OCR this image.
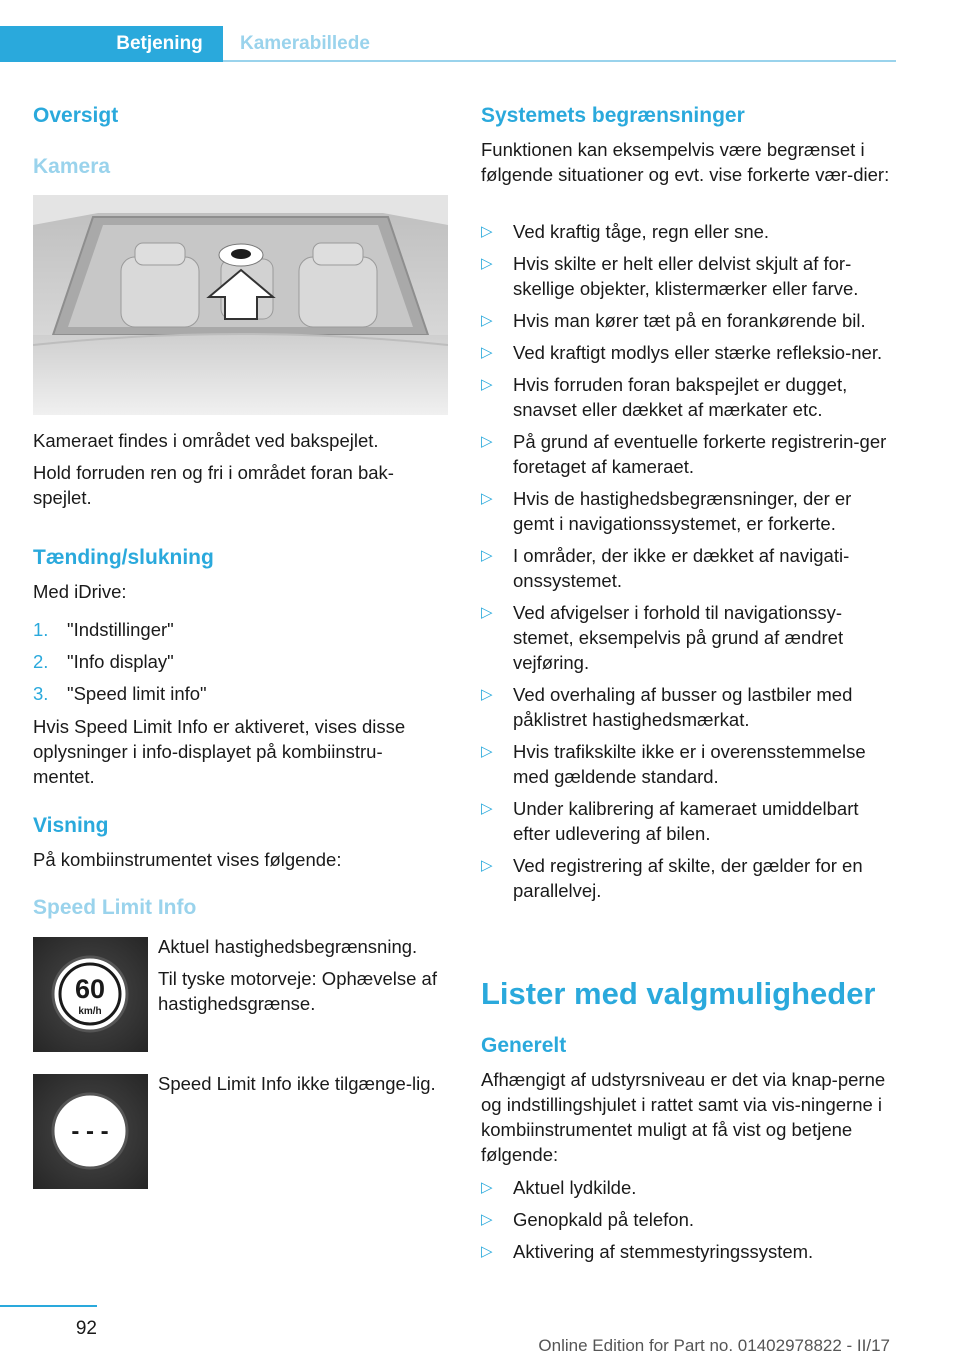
Betjening	Kamerabillede
Oversigt
Kamera

Kameraet findes i området ved bakspejlet.

Hold forruden ren og fri i området foran bak‐spejlet.

Tænding/slukning

Med iDrive:

1. "Indstillinger"
2. "Info display"
3. "Speed limit info"

Hvis Speed Limit Info er aktiveret, vises disse oplysninger i info-displayet på kombiinstru‐mentet.

Visning

På kombiinstrumentet vises følgende:

Speed Limit Info
60
km/h

Aktuel hastighedsbegrænsning.

Til tyske motorveje: Ophævelse af hastighedsgrænse.

- - -

Speed Limit Info ikke tilgænge‐lig.

Systemets begrænsninger

Funktionen kan eksempelvis være begrænset i følgende situationer og evt. vise forkerte vær‐dier:

▷ Ved kraftig tåge, regn eller sne.
▷ Hvis skilte er helt eller delvist skjult af for‐skellige objekter, klistermærker eller farve.
▷ Hvis man kører tæt på en forankørende bil.
▷ Ved kraftigt modlys eller stærke refleksio‐ner.
▷ Hvis forruden foran bakspejlet er dugget, snavset eller dækket af mærkater etc.
▷ På grund af eventuelle forkerte registrerin‐ger foretaget af kameraet.
▷ Hvis de hastighedsbegrænsninger, der er gemt i navigationssystemet, er forkerte.
▷ I områder, der ikke er dækket af navigati‐onssystemet.
▷ Ved afvigelser i forhold til navigationssy‐stemet, eksempelvis på grund af ændret vejføring.
▷ Ved overhaling af busser og lastbiler med påklistret hastighedsmærkat.
▷ Hvis trafikskilte ikke er i overensstemmelse med gældende standard.
▷ Under kalibrering af kameraet umiddelbart efter udlevering af bilen.
▷ Ved registrering af skilte, der gælder for en parallelvej.
Lister med valgmuligheder
Generelt

Afhængigt af udstyrsniveau er det via knap‐perne og indstillingshjulet i rattet samt via vis‐ningerne i kombiinstrumentet muligt at få vist og betjene følgende:

▷ Aktuel lydkilde.
▷ Genopkald på telefon.
▷ Aktivering af stemmestyringssystem.
92
Online Edition for Part no. 01402978822 - II/17
